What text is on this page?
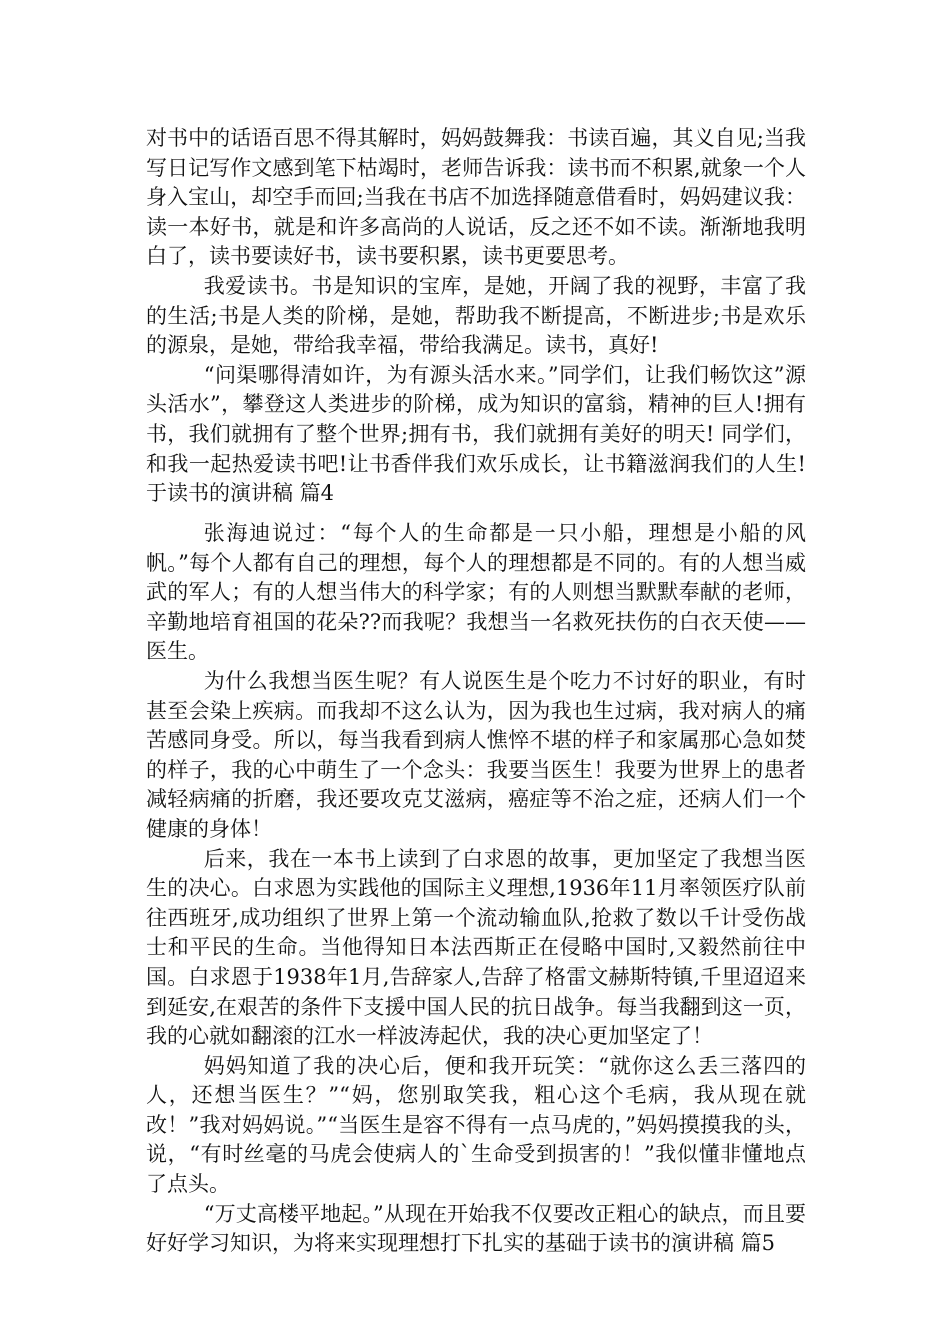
对书中的话语百思不得其解时，妈妈鼓舞我：书读百遍，其义自见;当我写日记写作文感到笔下枯竭时，老师告诉我：读书而不积累,就象一个人身入宝山，却空手而回;当我在书店不加选择随意借看时，妈妈建议我：读一本好书，就是和许多高尚的人说话，反之还不如不读。渐渐地我明白了，读书要读好书，读书要积累，读书更要思考。

我爱读书。书是知识的宝库，是她，开阔了我的视野，丰富了我的生活;书是人类的阶梯，是她，帮助我不断提高，不断进步;书是欢乐的源泉，是她，带给我幸福，带给我满足。读书，真好!

“问渠哪得清如许，为有源头活水来。”同学们，让我们畅饮这”源头活水”，攀登这人类进步的阶梯，成为知识的富翁，精神的巨人!拥有书，我们就拥有了整个世界;拥有书，我们就拥有美好的明天! 同学们，和我一起热爱读书吧!让书香伴我们欢乐成长，让书籍滋润我们的人生!于读书的演讲稿 篇4

张海迪说过：“每个人的生命都是一只小船，理想是小船的风帆。”每个人都有自己的理想，每个人的理想都是不同的。有的人想当威武的军人；有的人想当伟大的科学家；有的人则想当默默奉献的老师，辛勤地培育祖国的花朵??而我呢？我想当一名救死扶伤的白衣天使——医生。

为什么我想当医生呢？有人说医生是个吃力不讨好的职业，有时甚至会染上疾病。而我却不这么认为，因为我也生过病，我对病人的痛苦感同身受。所以，每当我看到病人憔悴不堪的样子和家属那心急如焚的样子，我的心中萌生了一个念头：我要当医生！我要为世界上的患者减轻病痛的折磨，我还要攻克艾滋病，癌症等不治之症，还病人们一个健康的身体！

后来，我在一本书上读到了白求恩的故事，更加坚定了我想当医生的决心。白求恩为实践他的国际主义理想,1936年11月率领医疗队前往西班牙,成功组织了世界上第一个流动输血队,抢救了数以千计受伤战士和平民的生命。当他得知日本法西斯正在侵略中国时,又毅然前往中国。白求恩于1938年1月,告辞家人,告辞了格雷文赫斯特镇,千里迢迢来到延安,在艰苦的条件下支援中国人民的抗日战争。每当我翻到这一页，我的心就如翻滚的江水一样波涛起伏，我的决心更加坚定了！

妈妈知道了我的决心后，便和我开玩笑：“就你这么丢三落四的人，还想当医生？”“妈，您别取笑我，粗心这个毛病，我从现在就改！”我对妈妈说。”“当医生是容不得有一点马虎的，”妈妈摸摸我的头，说，“有时丝毫的马虎会使病人的`生命受到损害的！”我似懂非懂地点了点头。

“万丈高楼平地起。”从现在开始我不仅要改正粗心的缺点，而且要好好学习知识，为将来实现理想打下扎实的基础于读书的演讲稿 篇5
